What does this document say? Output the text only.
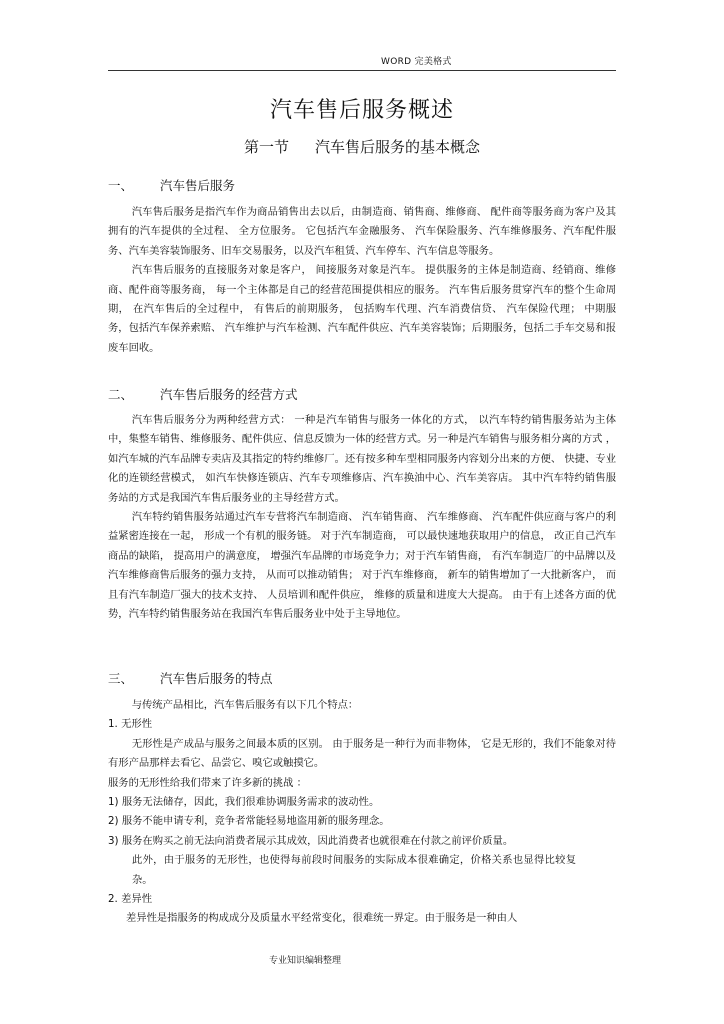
WORD 完美格式
汽车售后服务概述
第一节 汽车售后服务的基本概念
一、 汽车售后服务

汽车售后服务是指汽车作为商品销售出去以后，由制造商、销售商、维修商、 配件商等服务商为客户及其拥有的汽车提供的全过程、 全方位服务。 它包括汽车金融服务、 汽车保险服务、汽车维修服务、汽车配件服务、汽车美容装饰服务、旧车交易服务，以及汽车租赁、汽车停车、汽车信息等服务。

汽车售后服务的直接服务对象是客户， 间接服务对象是汽车。 提供服务的主体是制造商、经销商、维修商、配件商等服务商， 每一个主体都是自己的经营范围提供相应的服务。 汽车售后服务贯穿汽车的整个生命周期， 在汽车售后的全过程中， 有售后的前期服务， 包括购车代理、汽车消费信贷、 汽车保险代理； 中期服务，包括汽车保养索赔、 汽车维护与汽车检测、汽车配件供应、汽车美容装饰；后期服务，包括二手车交易和报废车回收。

二、 汽车售后服务的经营方式

汽车售后服务分为两种经营方式： 一种是汽车销售与服务一体化的方式， 以汽车特约销售服务站为主体中，集整车销售、维修服务、配件供应、信息反馈为一体的经营方式。另一种是汽车销售与服务相分离的方式 ，如汽车城的汽车品牌专卖店及其指定的特约维修厂。还有按多种车型相同服务内容划分出来的方便、 快捷、专业化的连锁经营模式， 如汽车快修连锁店、汽车专项维修店、汽车换油中心、汽车美容店。 其中汽车特约销售服务站的方式是我国汽车售后服务业的主导经营方式。

汽车特约销售服务站通过汽车专营将汽车制造商、 汽车销售商、 汽车维修商、 汽车配件供应商与客户的利益紧密连接在一起， 形成一个有机的服务链。 对于汽车制造商， 可以最快速地获取用户的信息， 改正自己汽车商品的缺陷， 提高用户的满意度， 增强汽车品牌的市场竞争力；对于汽车销售商， 有汽车制造厂的中品牌以及汽车维修商售后服务的强力支持， 从而可以推动销售； 对于汽车维修商， 新车的销售增加了一大批新客户， 而且有汽车制造厂强大的技术支持、 人员培训和配件供应， 维修的质量和进度大大提高。 由于有上述各方面的优势，汽车特约销售服务站在我国汽车售后服务业中处于主导地位。

三、 汽车售后服务的特点

与传统产品相比，汽车售后服务有以下几个特点：

1. 无形性

无形性是产成品与服务之间最本质的区别。 由于服务是一种行为而非物体， 它是无形的，我们不能象对待有形产品那样去看它、品尝它、嗅它或触摸它。

服务的无形性给我们带来了许多新的挑战 ：

1) 服务无法储存，因此，我们很难协调服务需求的波动性。

2) 服务不能申请专利，竞争者常能轻易地盗用新的服务理念。

3) 服务在购买之前无法向消费者展示其成效，因此消费者也就很难在付款之前评价质量。

此外，由于服务的无形性，也使得每前段时间服务的实际成本很难确定，价格关系也显得比较复杂。

2. 差异性

差异性是指服务的构成成分及质量水平经常变化，很难统一界定。由于服务是一种由人

专业知识编辑整理
